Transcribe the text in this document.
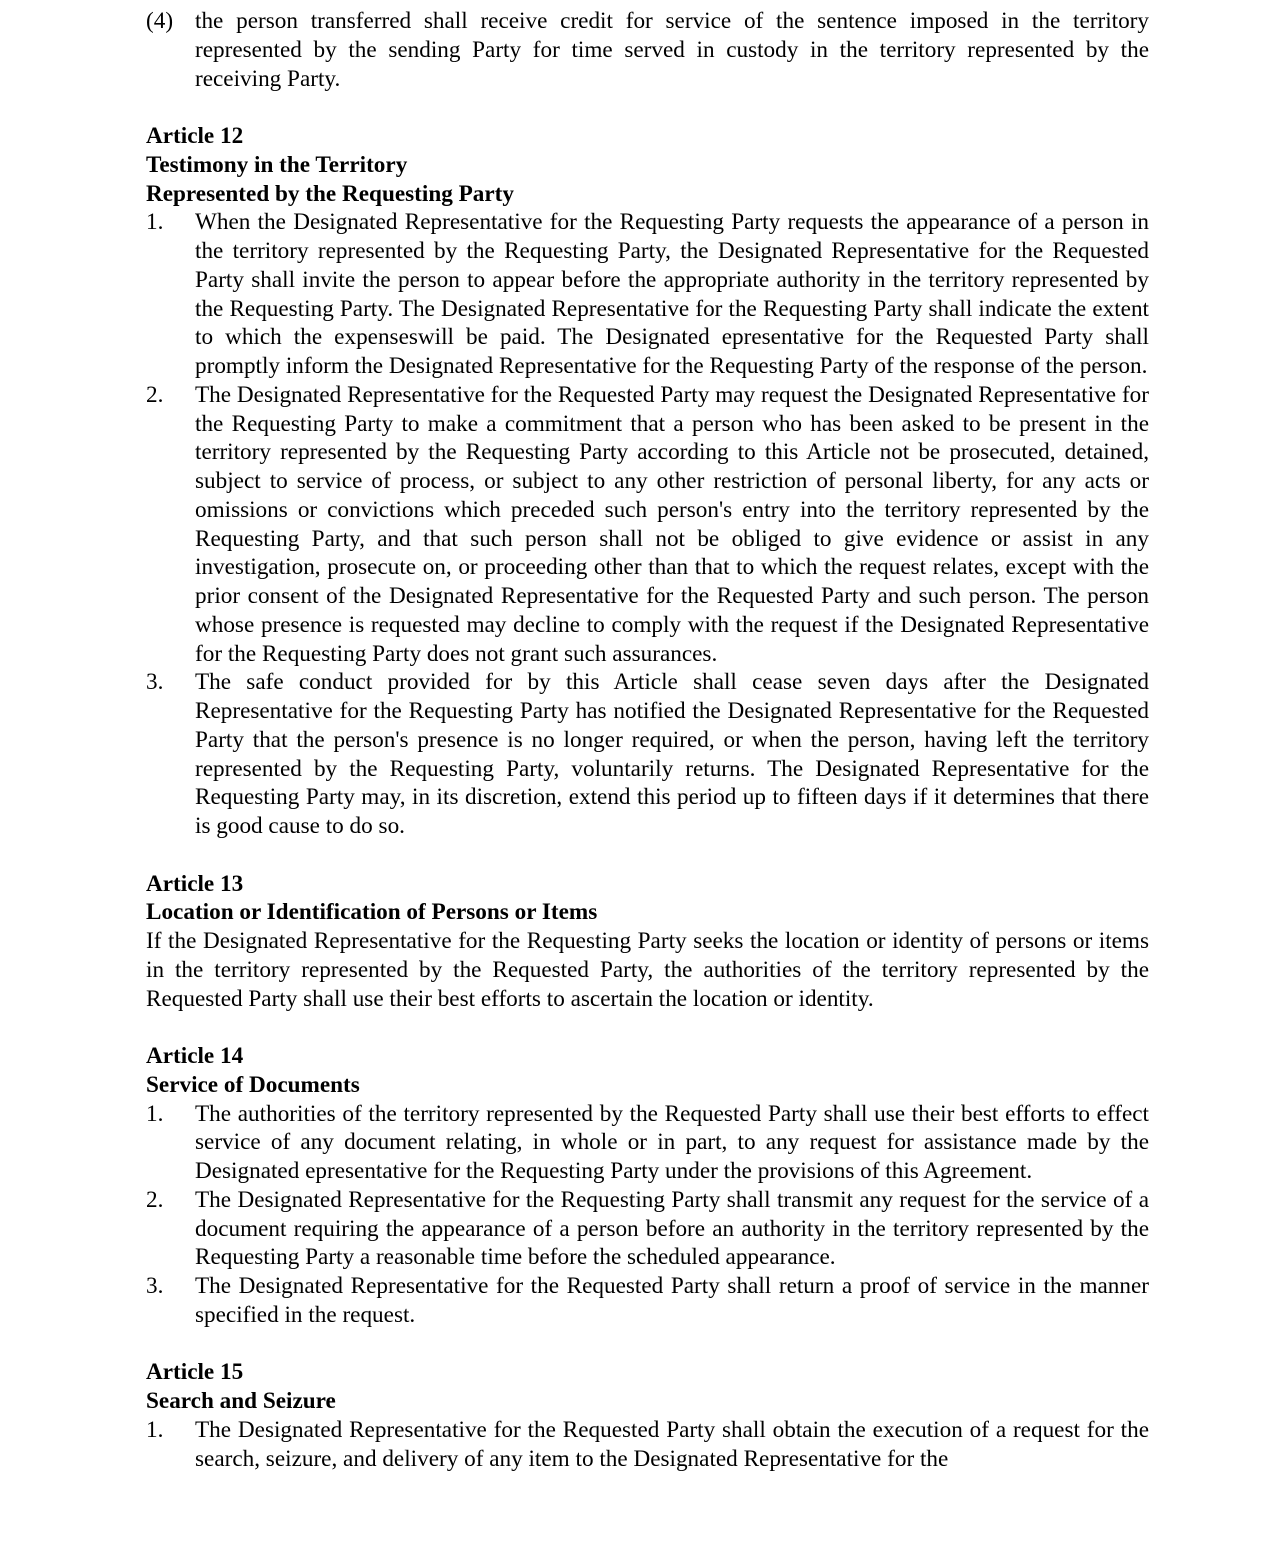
(4) the person transferred shall receive credit for service of the sentence imposed in the territory represented by the sending Party for time served in custody in the territory represented by the receiving Party.

Article 12

Testimony in the Territory

Represented by the Requesting Party

1. When the Designated Representative for the Requesting Party requests the appearance of a person in the territory represented by the Requesting Party, the Designated Representative for the Requested Party shall invite the person to appear before the appropriate authority in the territory represented by the Requesting Party. The Designated Representative for the Requesting Party shall indicate the extent to which the expenseswill be paid. The Designated epresentative for the Requested Party shall promptly inform the Designated Representative for the Requesting Party of the response of the person.
2. The Designated Representative for the Requested Party may request the Designated Representative for the Requesting Party to make a commitment that a person who has been asked to be present in the territory represented by the Requesting Party according to this Article not be prosecuted, detained, subject to service of process, or subject to any other restriction of personal liberty, for any acts or omissions or convictions which preceded such person's entry into the territory represented by the Requesting Party, and that such person shall not be obliged to give evidence or assist in any investigation, prosecute on, or proceeding other than that to which the request relates, except with the prior consent of the Designated Representative for the Requested Party and such person. The person whose presence is requested may decline to comply with the request if the Designated Representative for the Requesting Party does not grant such assurances.
3. The safe conduct provided for by this Article shall cease seven days after the Designated Representative for the Requesting Party has notified the Designated Representative for the Requested Party that the person's presence is no longer required, or when the person, having left the territory represented by the Requesting Party, voluntarily returns. The Designated Representative for the Requesting Party may, in its discretion, extend this period up to fifteen days if it determines that there is good cause to do so.

Article 13

Location or Identification of Persons or Items

If the Designated Representative for the Requesting Party seeks the location or identity of persons or items in the territory represented by the Requested Party, the authorities of the territory represented by the Requested Party shall use their best efforts to ascertain the location or identity.

Article 14

Service of Documents

1. The authorities of the territory represented by the Requested Party shall use their best efforts to effect service of any document relating, in whole or in part, to any request for assistance made by the Designated epresentative for the Requesting Party under the provisions of this Agreement.
2. The Designated Representative for the Requesting Party shall transmit any request for the service of a document requiring the appearance of a person before an authority in the territory represented by the Requesting Party a reasonable time before the scheduled appearance.
3. The Designated Representative for the Requested Party shall return a proof of service in the manner specified in the request.

Article 15

Search and Seizure

1. The Designated Representative for the Requested Party shall obtain the execution of a request for the search, seizure, and delivery of any item to the Designated Representative for the
